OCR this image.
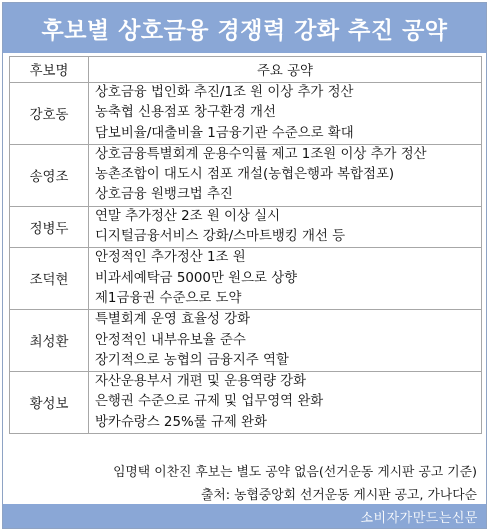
후보별 상호금융 경쟁력 강화 추진 공약
후보명	주요 공약
강호동	상호금융 법인화 추진/1조 원 이상 추가 정산
농축협 신용점포 창구환경 개선
담보비율/대출비율 1금융기관 수준으로 확대

송영조	상호금융특별회계 운용수익률 제고 1조원 이상 추가 정산
농촌조합이 대도시 점포 개설(농협은행과 복합점포)
상호금융 원뱅크법 추진

정병두	연말 추가정산 2조 원 이상 실시
디지털금융서비스 강화/스마트뱅킹 개선 등

조덕현	안정적인 추가정산 1조 원
비과세예탁금 5000만 원으로 상향
제1금융권 수준으로 도약

최성환	특별회계 운영 효율성 강화
안정적인 내부유보율 준수
장기적으로 농협의 금융지주 역할

황성보	자산운용부서 개편 및 운용역량 강화
은행권 수준으로 규제 및 업무영역 완화
방카슈랑스 25%룰 규제 완화
임명택 이찬진 후보는 별도 공약 없음(선거운동 게시판 공고 기준)
출처: 농협중앙회 선거운동 게시판 공고, 가나다순
소비자가만드는신문
